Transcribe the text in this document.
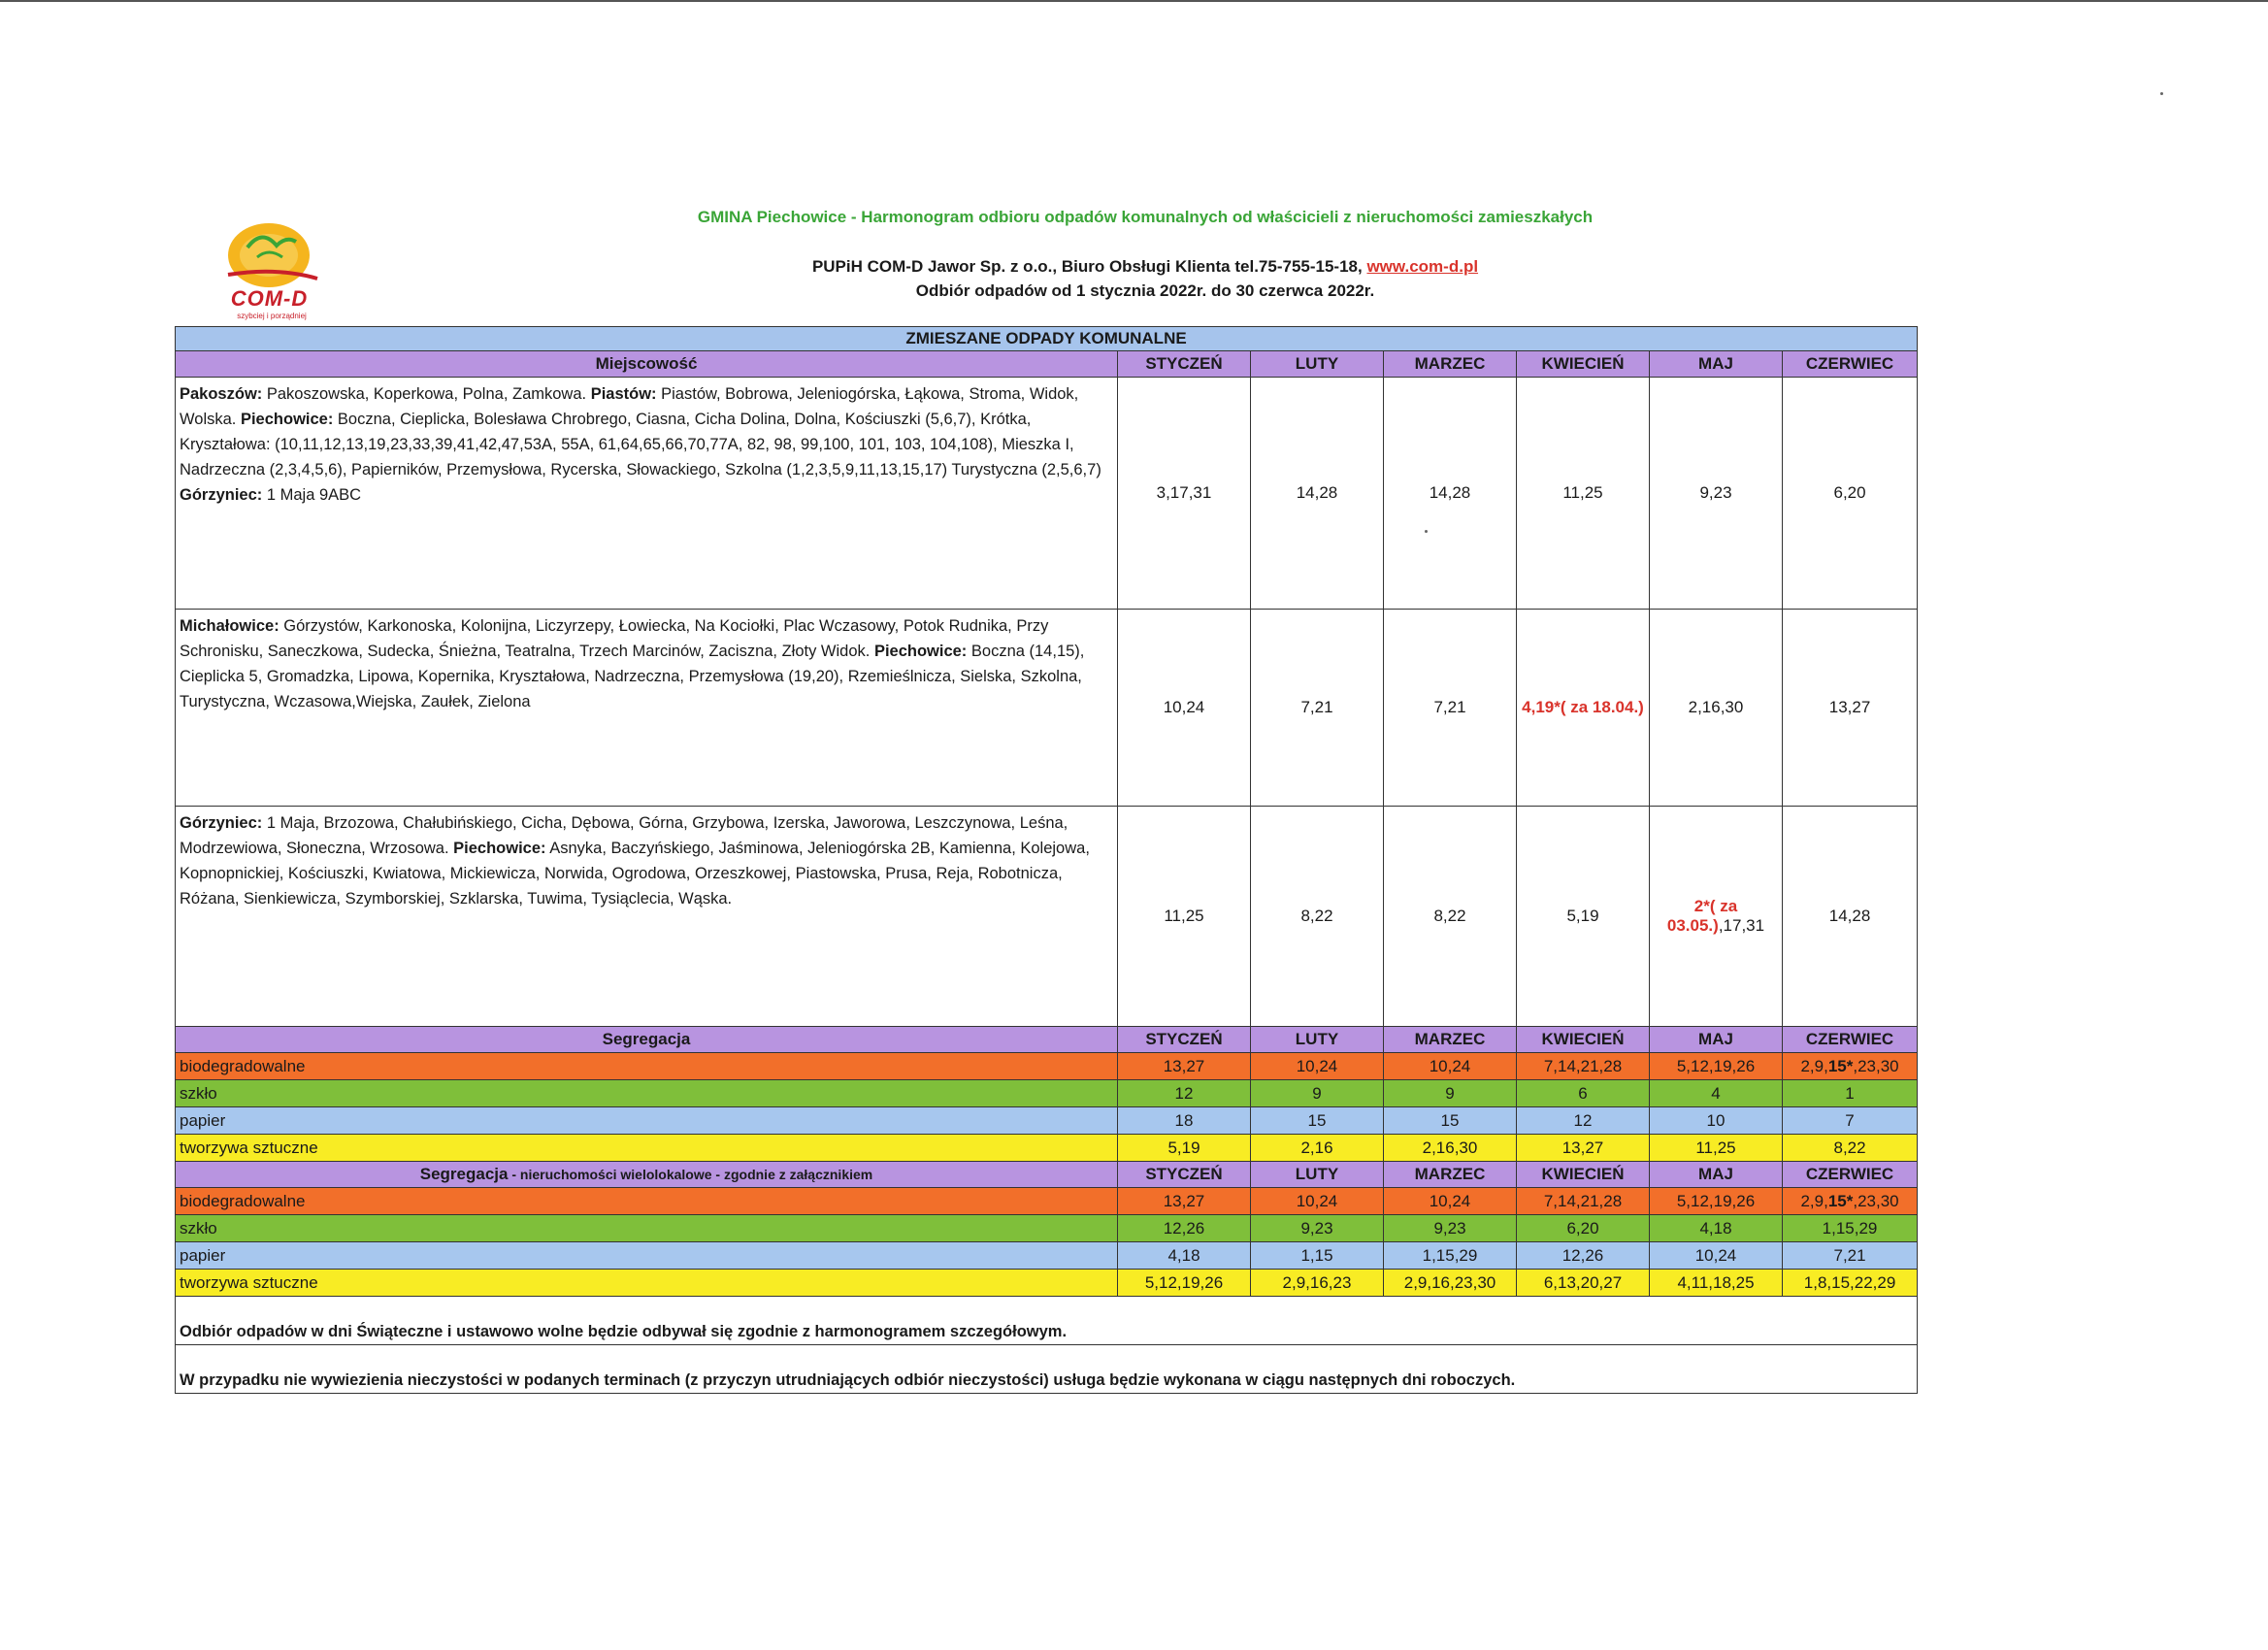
COM-D
szybciej i porządniej
GMINA Piechowice - Harmonogram odbioru odpadów komunalnych od właścicieli z nieruchomości zamieszkałych
PUPiH COM-D Jawor Sp. z o.o., Biuro Obsługi Klienta tel.75-755-15-18, www.com-d.pl
Odbiór odpadów od 1 stycznia 2022r. do 30 czerwca 2022r.
ZMIESZANE ODPADY KOMUNALNE						
Miejscowość	STYCZEŃ	LUTY	MARZEC	KWIECIEŃ	MAJ	CZERWIEC
Pakoszów: Pakoszowska, Koperkowa, Polna, Zamkowa. Piastów: Piastów, Bobrowa, Jeleniogórska, Łąkowa, Stroma, Widok, Wolska. Piechowice: Boczna, Cieplicka, Bolesława Chrobrego, Ciasna, Cicha Dolina, Dolna, Kościuszki (5,6,7), Krótka, Kryształowa: (10,11,12,13,19,23,33,39,41,42,47,53A, 55A, 61,64,65,66,70,77A, 82, 98, 99,100, 101, 103, 104,108), Mieszka I, Nadrzeczna (2,3,4,5,6), Papierników, Przemysłowa, Rycerska, Słowackiego, Szkolna (1,2,3,5,9,11,13,15,17) Turystyczna (2,5,6,7) Górzyniec: 1 Maja 9ABC	3,17,31	14,28	14,28	11,25	9,23	6,20
Michałowice: Górzystów, Karkonoska, Kolonijna, Liczyrzepy, Łowiecka, Na Kociołki, Plac Wczasowy, Potok Rudnika, Przy Schronisku, Saneczkowa, Sudecka, Śnieżna, Teatralna, Trzech Marcinów, Zaciszna, Złoty Widok. Piechowice: Boczna (14,15), Cieplicka 5, Gromadzka, Lipowa, Kopernika, Kryształowa, Nadrzeczna, Przemysłowa (19,20), Rzemieślnicza, Sielska, Szkolna, Turystyczna, Wczasowa,Wiejska, Zaułek, Zielona	10,24	7,21	7,21	4,19*( za 18.04.)	2,16,30	13,27
Górzyniec: 1 Maja, Brzozowa, Chałubińskiego, Cicha, Dębowa, Górna, Grzybowa, Izerska, Jaworowa, Leszczynowa, Leśna, Modrzewiowa, Słoneczna, Wrzosowa. Piechowice: Asnyka, Baczyńskiego, Jaśminowa, Jeleniogórska 2B, Kamienna, Kolejowa, Kopnopnickiej, Kościuszki, Kwiatowa, Mickiewicza, Norwida, Ogrodowa, Orzeszkowej, Piastowska, Prusa, Reja, Robotnicza, Różana, Sienkiewicza, Szymborskiej, Szklarska, Tuwima, Tysiąclecia, Wąska.	11,25	8,22	8,22	5,19	2*( za 03.05.),17,31	14,28
Segregacja	STYCZEŃ	LUTY	MARZEC	KWIECIEŃ	MAJ	CZERWIEC
biodegradowalne	13,27	10,24	10,24	7,14,21,28	5,12,19,26	2,9,15*,23,30
szkło	12	9	9	6	4	1
papier	18	15	15	12	10	7
tworzywa sztuczne	5,19	2,16	2,16,30	13,27	11,25	8,22
Segregacja - nieruchomości wielolokalowe - zgodnie z załącznikiem	STYCZEŃ	LUTY	MARZEC	KWIECIEŃ	MAJ	CZERWIEC
biodegradowalne	13,27	10,24	10,24	7,14,21,28	5,12,19,26	2,9,15*,23,30
szkło	12,26	9,23	9,23	6,20	4,18	1,15,29
papier	4,18	1,15	1,15,29	12,26	10,24	7,21
tworzywa sztuczne	5,12,19,26	2,9,16,23	2,9,16,23,30	6,13,20,27	4,11,18,25	1,8,15,22,29
Odbiór odpadów w dni Świąteczne i ustawowo wolne będzie odbywał się zgodnie z harmonogramem szczegółowym.						
W przypadku nie wywiezienia nieczystości w podanych terminach (z przyczyn utrudniających odbiór nieczystości) usługa będzie wykonana w ciągu następnych dni roboczych.						
